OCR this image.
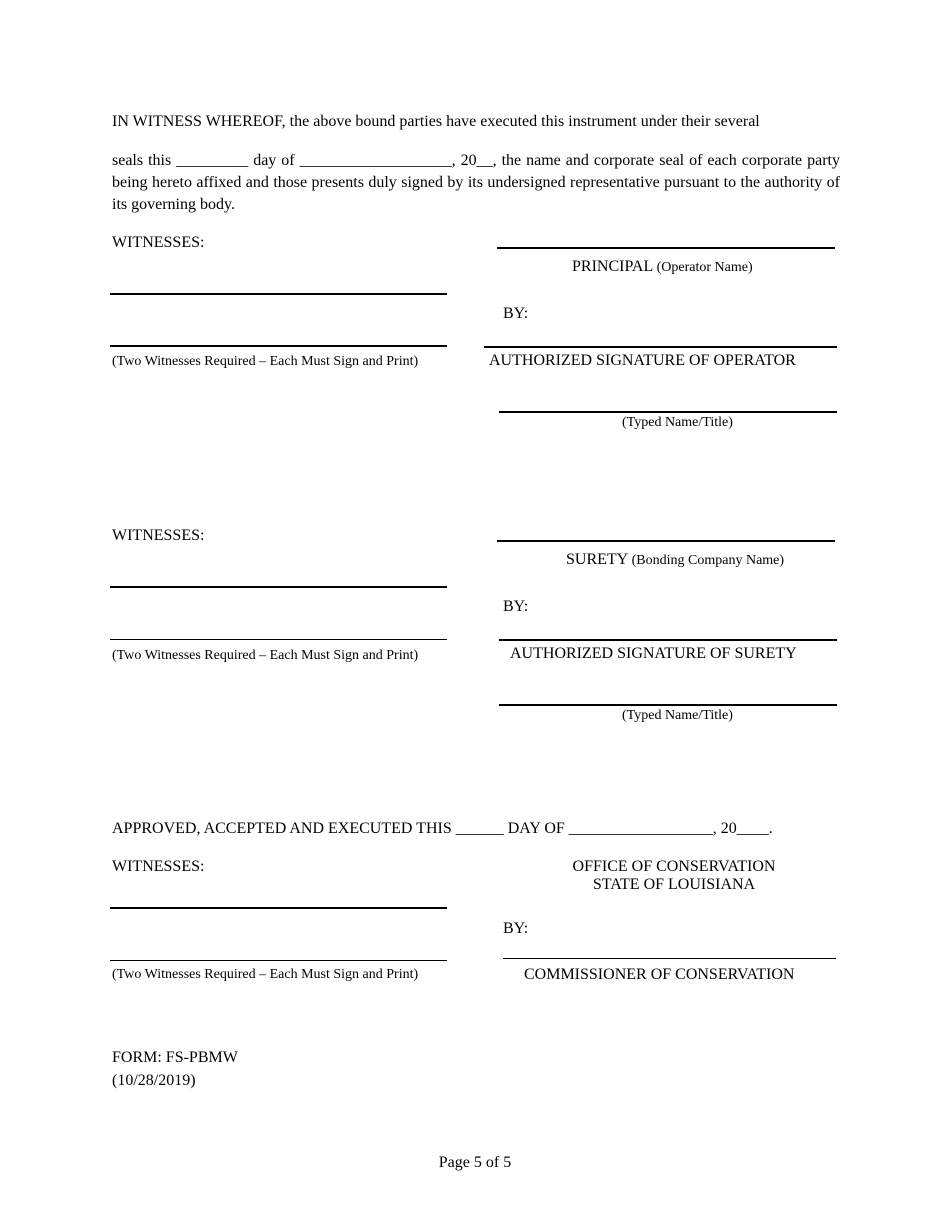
IN WITNESS WHEREOF, the above bound parties have executed this instrument under their several
seals this _________ day of ___________________, 20__, the name and corporate seal of each corporate party being hereto affixed and those presents duly signed by its undersigned representative pursuant to the authority of its governing body.
WITNESSES:
PRINCIPAL (Operator Name)
BY:
(Two Witnesses Required – Each Must Sign and Print)	AUTHORIZED SIGNATURE OF OPERATOR
(Typed Name/Title)
WITNESSES:
SURETY (Bonding Company Name)
BY:
(Two Witnesses Required – Each Must Sign and Print)	AUTHORIZED SIGNATURE OF SURETY
(Typed Name/Title)
APPROVED, ACCEPTED AND EXECUTED THIS ______ DAY OF __________________, 20____.
WITNESSES:	OFFICE OF CONSERVATION
STATE OF LOUISIANA
BY:
(Two Witnesses Required – Each Must Sign and Print)	COMMISSIONER OF CONSERVATION
FORM: FS-PBMW
(10/28/2019)
Page 5 of 5
